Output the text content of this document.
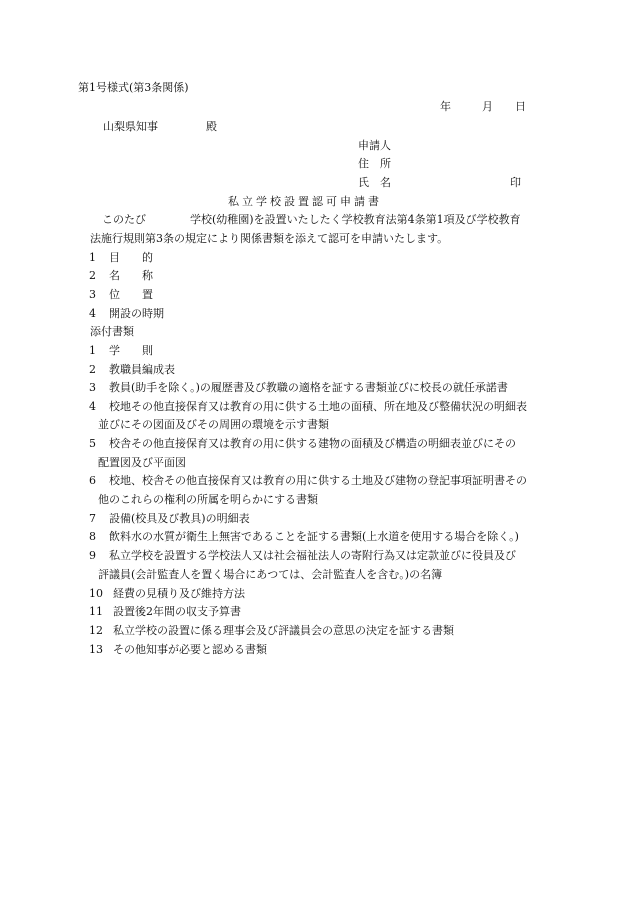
第1号様式(第3条関係)
年	月 日
山梨県知事	殿
申請人
住　所
氏　名	印
私立学校設置認可申請書
このたび　　　　学校(幼稚園)を設置いたしたく学校教育法第4条第1項及び学校教育
法施行規則第3条の規定により関係書類を添えて認可を申請いたします。
1 目　　的
2 名　　称
3 位　　置
4 開設の時期
添付書類
1 学　　則
2 教職員編成表
3 教員(助手を除く。)の履歴書及び教職の適格を証する書類並びに校長の就任承諾書
4 校地その他直接保育又は教育の用に供する土地の面積、所在地及び整備状況の明細表
並びにその図面及びその周囲の環境を示す書類
5 校舎その他直接保育又は教育の用に供する建物の面積及び構造の明細表並びにその
配置図及び平面図
6 校地、校舎その他直接保育又は教育の用に供する土地及び建物の登記事項証明書その
他のこれらの権利の所属を明らかにする書類
7 設備(校具及び教具)の明細表
8 飲料水の水質が衛生上無害であることを証する書類(上水道を使用する場合を除く。)
9 私立学校を設置する学校法人又は社会福祉法人の寄附行為又は定款並びに役員及び
評議員(会計監査人を置く場合にあつては、会計監査人を含む。)の名簿
10 経費の見積り及び維持方法
11 設置後2年間の収支予算書
12 私立学校の設置に係る理事会及び評議員会の意思の決定を証する書類
13 その他知事が必要と認める書類
